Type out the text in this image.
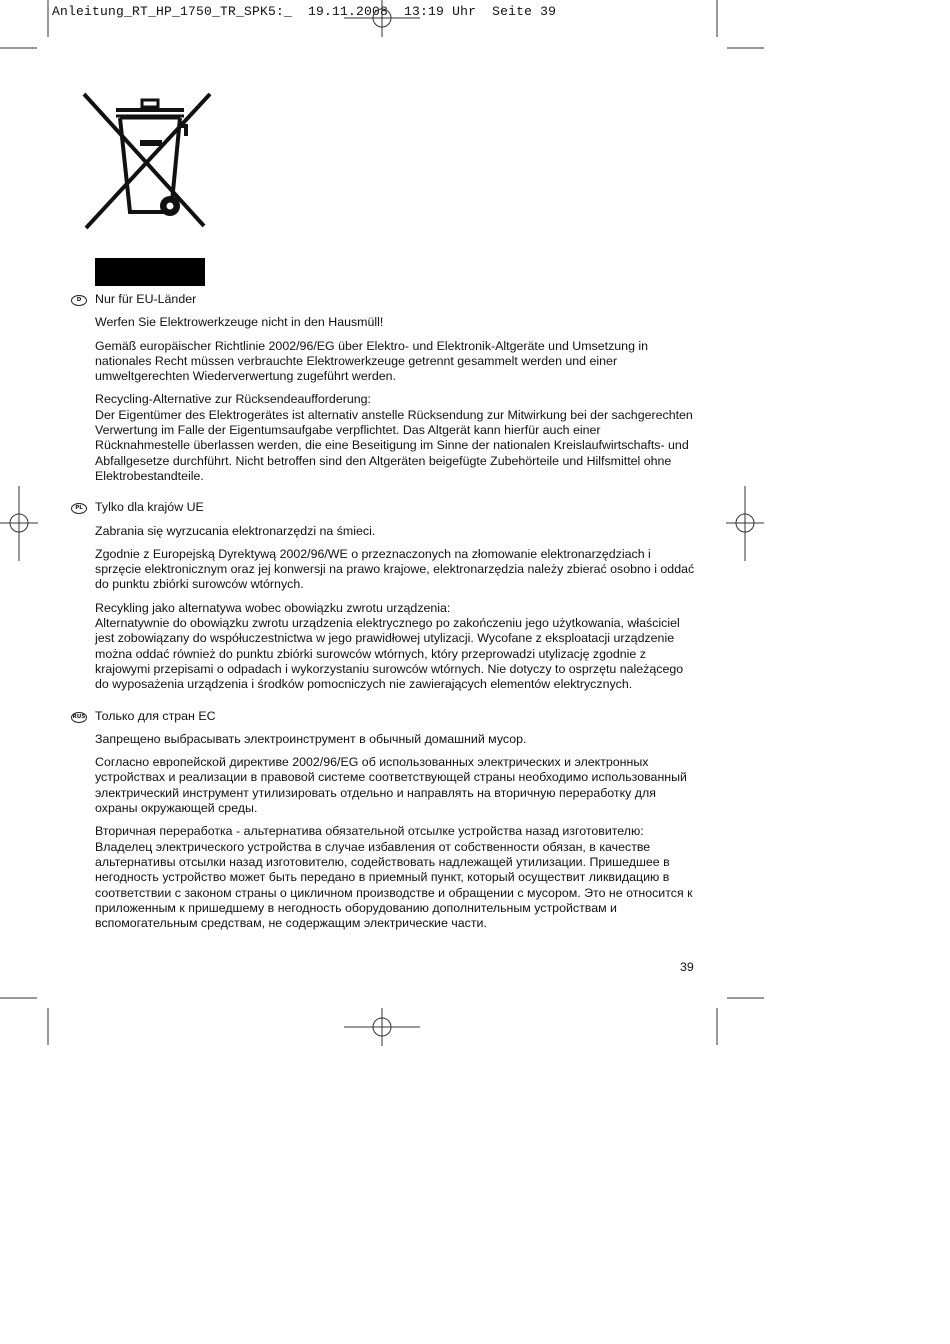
Anleitung_RT_HP_1750_TR_SPK5:_  19.11.2008  13:19 Uhr  Seite 39
D	Nur für EU-Länder

Werfen Sie Elektrowerkzeuge nicht in den Hausmüll!

Gemäß europäischer Richtlinie 2002/96/EG über Elektro- und Elektronik-Altgeräte und Umsetzung in nationales Recht müssen verbrauchte Elektrowerkzeuge getrennt gesammelt werden und einer umweltgerechten Wiederverwertung zugeführt werden.

Recycling-Alternative zur Rücksendeaufforderung:
Der Eigentümer des Elektrogerätes ist alternativ anstelle Rücksendung zur Mitwirkung bei der sachgerechten Verwertung im Falle der Eigentumsaufgabe verpflichtet. Das Altgerät kann hierfür auch einer Rücknahmestelle überlassen werden, die eine Beseitigung im Sinne der nationalen Kreislaufwirtschafts- und Abfallgesetze durchführt. Nicht betroffen sind den Altgeräten beigefügte Zubehörteile und Hilfsmittel ohne Elektrobestandteile.

PL Tylko dla krajów UE

Zabrania się wyrzucania elektronarzędzi na śmieci.

Zgodnie z Europejską Dyrektywą 2002/96/WE o przeznaczonych na złomowanie elektronarzędziach i sprzęcie elektronicznym oraz jej konwersji na prawo krajowe, elektronarzędzia należy zbierać osobno i oddać do punktu zbiórki surowców wtórnych.

Recykling jako alternatywa wobec obowiązku zwrotu urządzenia:
Alternatywnie do obowiązku zwrotu urządzenia elektrycznego po zakończeniu jego użytkowania, właściciel jest zobowiązany do współuczestnictwa w jego prawidłowej utylizacji. Wycofane z eksploatacji urządzenie można oddać również do punktu zbiórki surowców wtórnych, który przeprowadzi utylizację zgodnie z krajowymi przepisami o odpadach i wykorzystaniu surowców wtórnych. Nie dotyczy to osprzętu należącego do wyposażenia urządzenia i środków pomocniczych nie zawierających elementów elektrycznych.

RUS Только для стран ЕС

Запрещено выбрасывать электроинструмент в обычный домашний мусор.

Согласно европейской директиве 2002/96/EG об использованных электрических и электронных устройствах и реализации в правовой системе соответствующей страны необходимо использованный электрический инструмент утилизировать отдельно и направлять на вторичную переработку для охраны окружающей среды.

Вторичная переработка - альтернатива обязательной отсылке устройства назад изготовителю:
Владелец электрического устройства в случае избавления от собственности обязан, в качестве альтернативы отсылки назад изготовителю, содействовать надлежащей утилизации. Пришедшее в негодность устройство может быть передано в приемный пункт, который осуществит ликвидацию в соответствии с законом страны о цикличном производстве и обращении с мусором. Это не относится к приложенным к пришедшему в негодность оборудованию дополнительным устройствам и вспомогательным средствам, не содержащим электрические части.

39
